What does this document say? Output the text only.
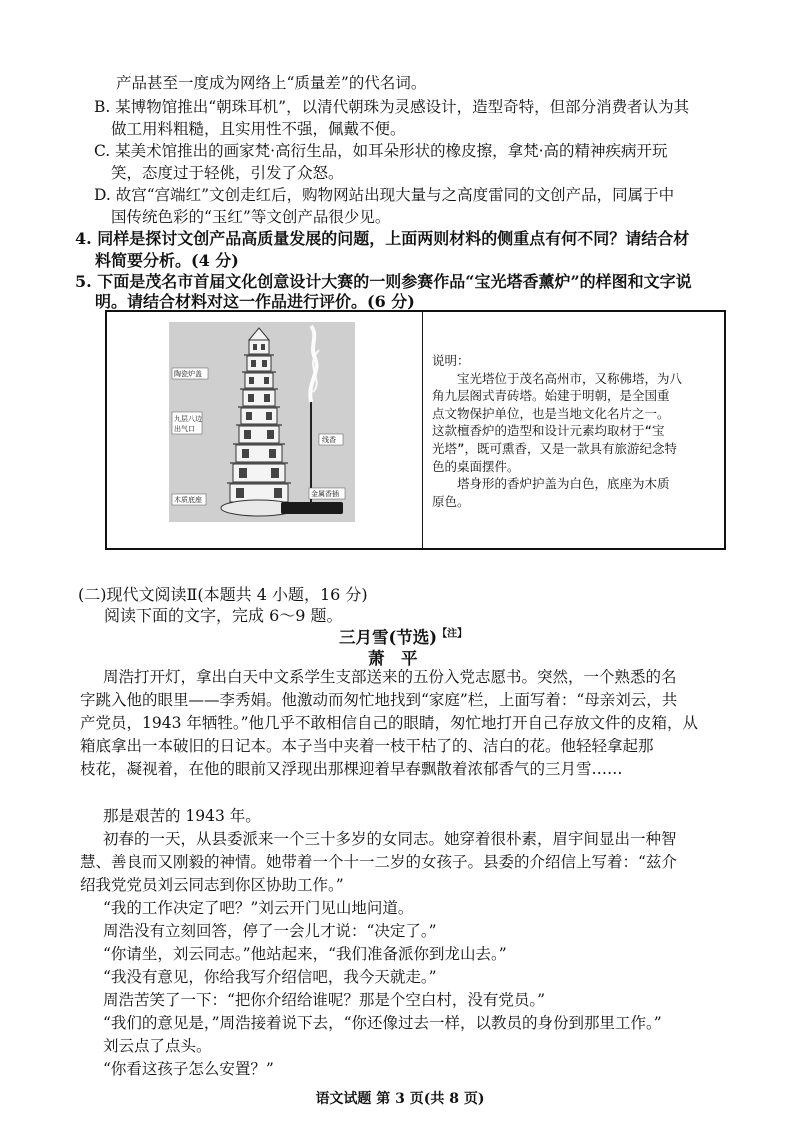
产品甚至一度成为网络上“质量差”的代名词。
B. 某博物馆推出“朝珠耳机”，以清代朝珠为灵感设计，造型奇特，但部分消费者认为其
做工用料粗糙，且实用性不强，佩戴不便。
C. 某美术馆推出的画家梵·高衍生品，如耳朵形状的橡皮擦，拿梵·高的精神疾病开玩
笑，态度过于轻佻，引发了众怒。
D. 故宫“宫端红”文创走红后，购物网站出现大量与之高度雷同的文创产品，同属于中
国传统色彩的“玉红”等文创产品很少见。
4. 同样是探讨文创产品高质量发展的问题，上面两则材料的侧重点有何不同？请结合材
料简要分析。(4 分)
5. 下面是茂名市首届文化创意设计大赛的一则参赛作品“宝光塔香薰炉”的样图和文字说
明。请结合材料对这一作品进行评价。(6 分)
陶瓷炉盖
九层八边
出气口
线香
木质底座
金属香插
说明：
　　宝光塔位于茂名高州市，又称佛塔，为八
角九层阁式青砖塔。始建于明朝，是全国重
点文物保护单位，也是当地文化名片之一。
这款檀香炉的造型和设计元素均取材于“宝
光塔”，既可熏香，又是一款具有旅游纪念特
色的桌面摆件。
　　塔身形的香炉护盖为白色，底座为木质
原色。
(二)现代文阅读Ⅱ(本题共 4 小题，16 分)
阅读下面的文字，完成 6～9 题。
三月雪(节选)$^{【注】}$
萧　平
周浩打开灯，拿出白天中文系学生支部送来的五份入党志愿书。突然，一个熟悉的名
字跳入他的眼里——李秀娟。他激动而匆忙地找到“家庭”栏，上面写着：“母亲刘云，共
产党员，1943 年牺牲。”他几乎不敢相信自己的眼睛，匆忙地打开自己存放文件的皮箱，从
箱底拿出一本破旧的日记本。本子当中夹着一枝干枯了的、洁白的花。他轻轻拿起那
枝花，凝视着，在他的眼前又浮现出那棵迎着早春飘散着浓郁香气的三月雪……
那是艰苦的 1943 年。
初春的一天，从县委派来一个三十多岁的女同志。她穿着很朴素，眉宇间显出一种智
慧、善良而又刚毅的神情。她带着一个十一二岁的女孩子。县委的介绍信上写着：“兹介
绍我党党员刘云同志到你区协助工作。”
“我的工作决定了吧？”刘云开门见山地问道。
周浩没有立刻回答，停了一会儿才说：“决定了。”
“你请坐，刘云同志。”他站起来，“我们准备派你到龙山去。”
“我没有意见，你给我写介绍信吧，我今天就走。”
周浩苦笑了一下：“把你介绍给谁呢？那是个空白村，没有党员。”
“我们的意见是，”周浩接着说下去，“你还像过去一样，以教员的身份到那里工作。”
刘云点了点头。
“你看这孩子怎么安置？”
语文试题 第 3 页(共 8 页)
